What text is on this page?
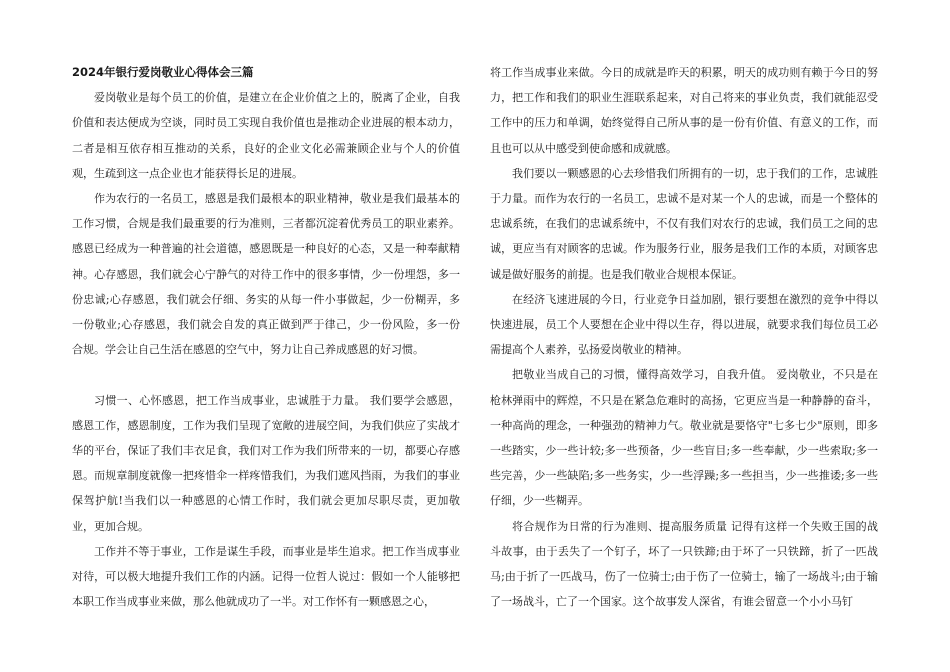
2024年银行爱岗敬业心得体会三篇

爱岗敬业是每个员工的价值，是建立在企业价值之上的，脱离了企业，自我价值和表达便成为空谈，同时员工实现自我价值也是推动企业进展的根本动力，二者是相互依存相互推动的关系，良好的企业文化必需兼顾企业与个人的价值观，生疏到这一点企业也才能获得长足的进展。

作为农行的一名员工，感恩是我们最根本的职业精神，敬业是我们最基本的工作习惯，合规是我们最重要的行为准则，三者都沉淀着优秀员工的职业素养。感恩已经成为一种普遍的社会道德，感恩既是一种良好的心态，又是一种奉献精神。心存感恩，我们就会心宁静气的对待工作中的很多事情，少一份埋怨，多一份忠诚;心存感恩，我们就会仔细、务实的从每一件小事做起，少一份糊弄，多一份敬业;心存感恩，我们就会自发的真正做到严于律己，少一份风险，多一份合规。学会让自己生活在感恩的空气中，努力让自己养成感恩的好习惯。

习惯一、心怀感恩，把工作当成事业，忠诚胜于力量。 我们要学会感恩，感恩工作，感恩制度，工作为我们呈现了宽敞的进展空间，为我们供应了实战才华的平台，保证了我们丰衣足食，我们对工作为我们所带来的一切，都要心存感恩。而规章制度就像一把疼惜伞一样疼惜我们，为我们遮风挡雨，为我们的事业保驾护航!当我们以一种感恩的心情工作时，我们就会更加尽职尽责，更加敬业，更加合规。

工作并不等于事业，工作是谋生手段，而事业是毕生追求。把工作当成事业对待，可以极大地提升我们工作的内涵。记得一位哲人说过：假如一个人能够把本职工作当成事业来做，那么他就成功了一半。对工作怀有一颗感恩之心，

将工作当成事业来做。今日的成就是昨天的积累，明天的成功则有赖于今日的努力，把工作和我们的职业生涯联系起来，对自己将来的事业负责，我们就能忍受工作中的压力和单调，始终觉得自己所从事的是一份有价值、有意义的工作，而且也可以从中感受到使命感和成就感。

我们要以一颗感恩的心去珍惜我们所拥有的一切，忠于我们的工作，忠诚胜于力量。而作为农行的一名员工，忠诚不是对某一个人的忠诚，而是一个整体的忠诚系统，在我们的忠诚系统中，不仅有我们对农行的忠诚，我们员工之间的忠诚，更应当有对顾客的忠诚。作为服务行业，服务是我们工作的本质，对顾客忠诚是做好服务的前提。也是我们敬业合规根本保证。

在经济飞速进展的今日，行业竞争日益加剧，银行要想在激烈的竞争中得以快速进展，员工个人要想在企业中得以生存，得以进展，就要求我们每位员工必需提高个人素养，弘扬爱岗敬业的精神。

把敬业当成自己的习惯，懂得高效学习，自我升值。 爱岗敬业，不只是在枪林弹雨中的辉煌，不只是在紧急危难时的高扬，它更应当是一种静静的奋斗，一种高尚的理念，一种强劲的精神力气。敬业就是要恪守"七多七少"原则，即多一些踏实，少一些计较;多一些预备，少一些盲目;多一些奉献，少一些索取;多一些完善，少一些缺陷;多一些务实，少一些浮躁;多一些担当，少一些推诿;多一些仔细，少一些糊弄。

将合规作为日常的行为准则、提高服务质量 记得有这样一个失败王国的战斗故事，由于丢失了一个钉子，坏了一只铁蹄;由于坏了一只铁蹄，折了一匹战马;由于折了一匹战马，伤了一位骑士;由于伤了一位骑士，输了一场战斗;由于输了一场战斗，亡了一个国家。这个故事发人深省，有谁会留意一个小小马钉
